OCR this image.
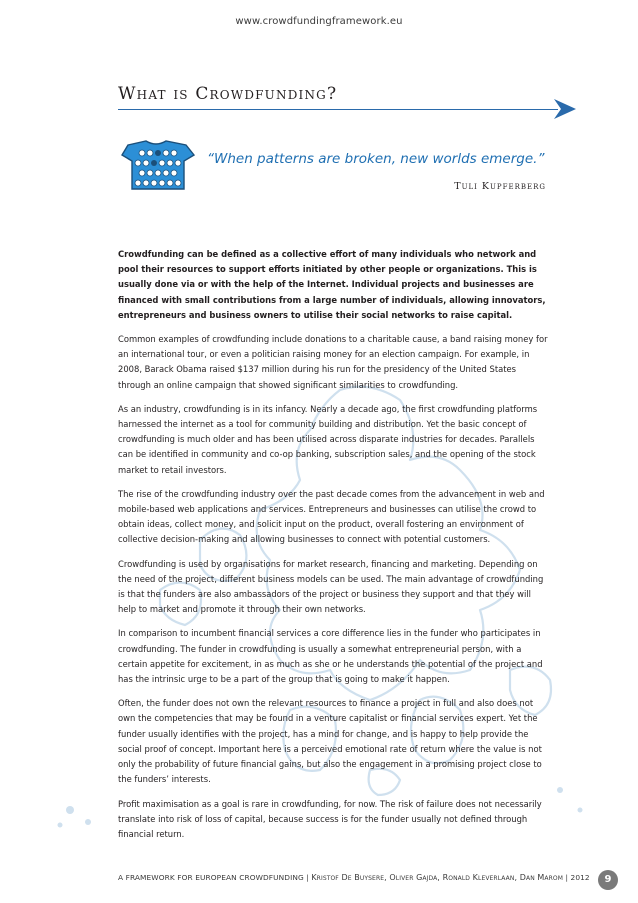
www.crowdfundingframework.eu
What is Crowdfunding?

“When patterns are broken, new worlds emerge.”

Tuli Kupferberg

Crowdfunding can be defined as a collective effort of many individuals who network and pool their resources to support efforts initiated by other people or organizations. This is usually done via or with the help of the Internet. Individual projects and businesses are financed with small contributions from a large number of individuals, allowing innovators, entrepreneurs and business owners to utilise their social networks to raise capital.

Common examples of crowdfunding include donations to a charitable cause, a band raising money for an international tour, or even a politician raising money for an election campaign. For example, in 2008, Barack Obama raised $137 million during his run for the presidency of the United States through an online campaign that showed significant similarities to crowdfunding.

As an industry, crowdfunding is in its infancy. Nearly a decade ago, the first crowdfunding platforms harnessed the internet as a tool for community building and distribution. Yet the basic concept of crowdfunding is much older and has been utilised across disparate industries for decades. Parallels can be identified in community and co-op banking, subscription sales, and the opening of the stock market to retail investors.

The rise of the crowdfunding industry over the past decade comes from the advancement in web and mobile-based web applications and services. Entrepreneurs and businesses can utilise the crowd to obtain ideas, collect money, and solicit input on the product, overall fostering an environment of collective decision-making and allowing businesses to connect with potential customers.

Crowdfunding is used by organisations for market research, financing and marketing. Depending on the need of the project, different business models can be used. The main advantage of crowdfunding is that the funders are also ambassadors of the project or business they support and that they will help to market and promote it through their own networks.

In comparison to incumbent financial services a core difference lies in the funder who participates in crowdfunding. The funder in crowdfunding is usually a somewhat entrepreneurial person, with a certain appetite for excitement, in as much as she or he understands the potential of the project and has the intrinsic urge to be a part of the group that is going to make it happen.

Often, the funder does not own the relevant resources to finance a project in full and also does not own the competencies that may be found in a venture capitalist or financial services expert. Yet the funder usually identifies with the project, has a mind for change, and is happy to help provide the social proof of concept. Important here is a perceived emotional rate of return where the value is not only the probability of future financial gains, but also the engagement in a promising project close to the funders’ interests.

Profit maximisation as a goal is rare in crowdfunding, for now. The risk of failure does not necessarily translate into risk of loss of capital, because success is for the funder usually not defined through financial return.

A FRAMEWORK FOR EUROPEAN CROWDFUNDING | Kristof De Buysere, Oliver Gajda, Ronald Kleverlaan, Dan Marom | 2012	9
